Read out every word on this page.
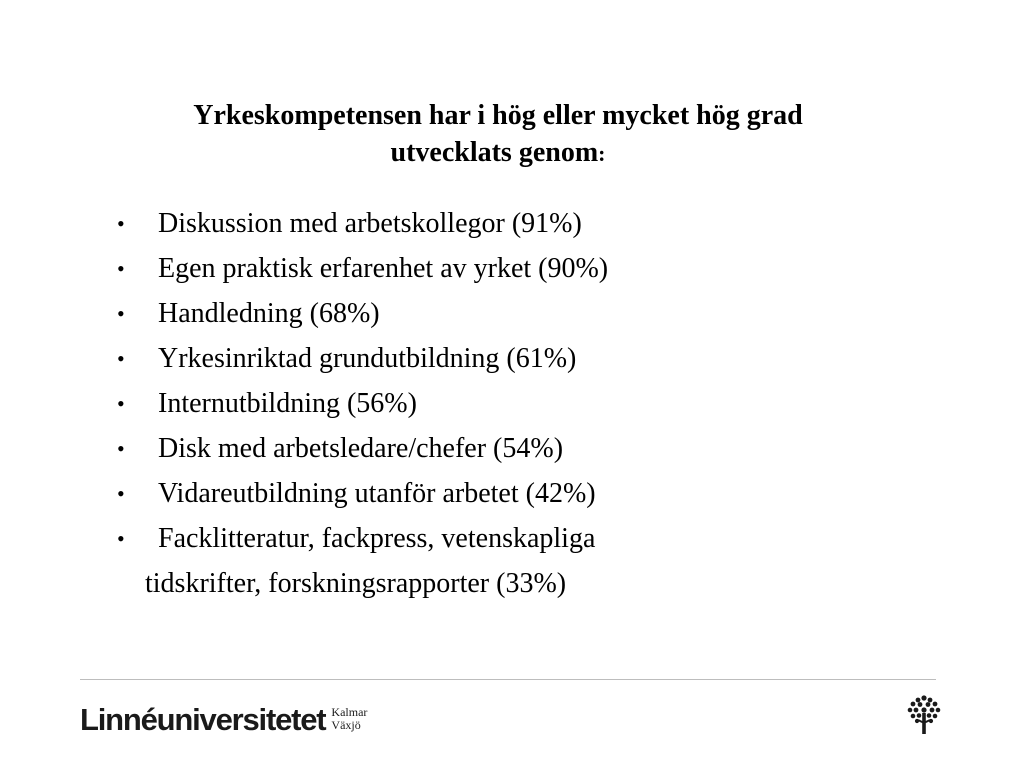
Yrkeskompetensen har i hög eller mycket hög grad
utvecklats genom:
•	Diskussion med arbetskollegor (91%)
•	Egen praktisk erfarenhet av yrket (90%)
•	Handledning (68%)
•	Yrkesinriktad grundutbildning (61%)
•	Internutbildning (56%)
•	Disk med arbetsledare/chefer (54%)
•	Vidareutbildning utanför arbetet (42%)
•	Facklitteratur, fackpress, vetenskapliga
tidskrifter, forskningsrapporter (33%)
Linnéuniversitetet Kalmar
Växjö
